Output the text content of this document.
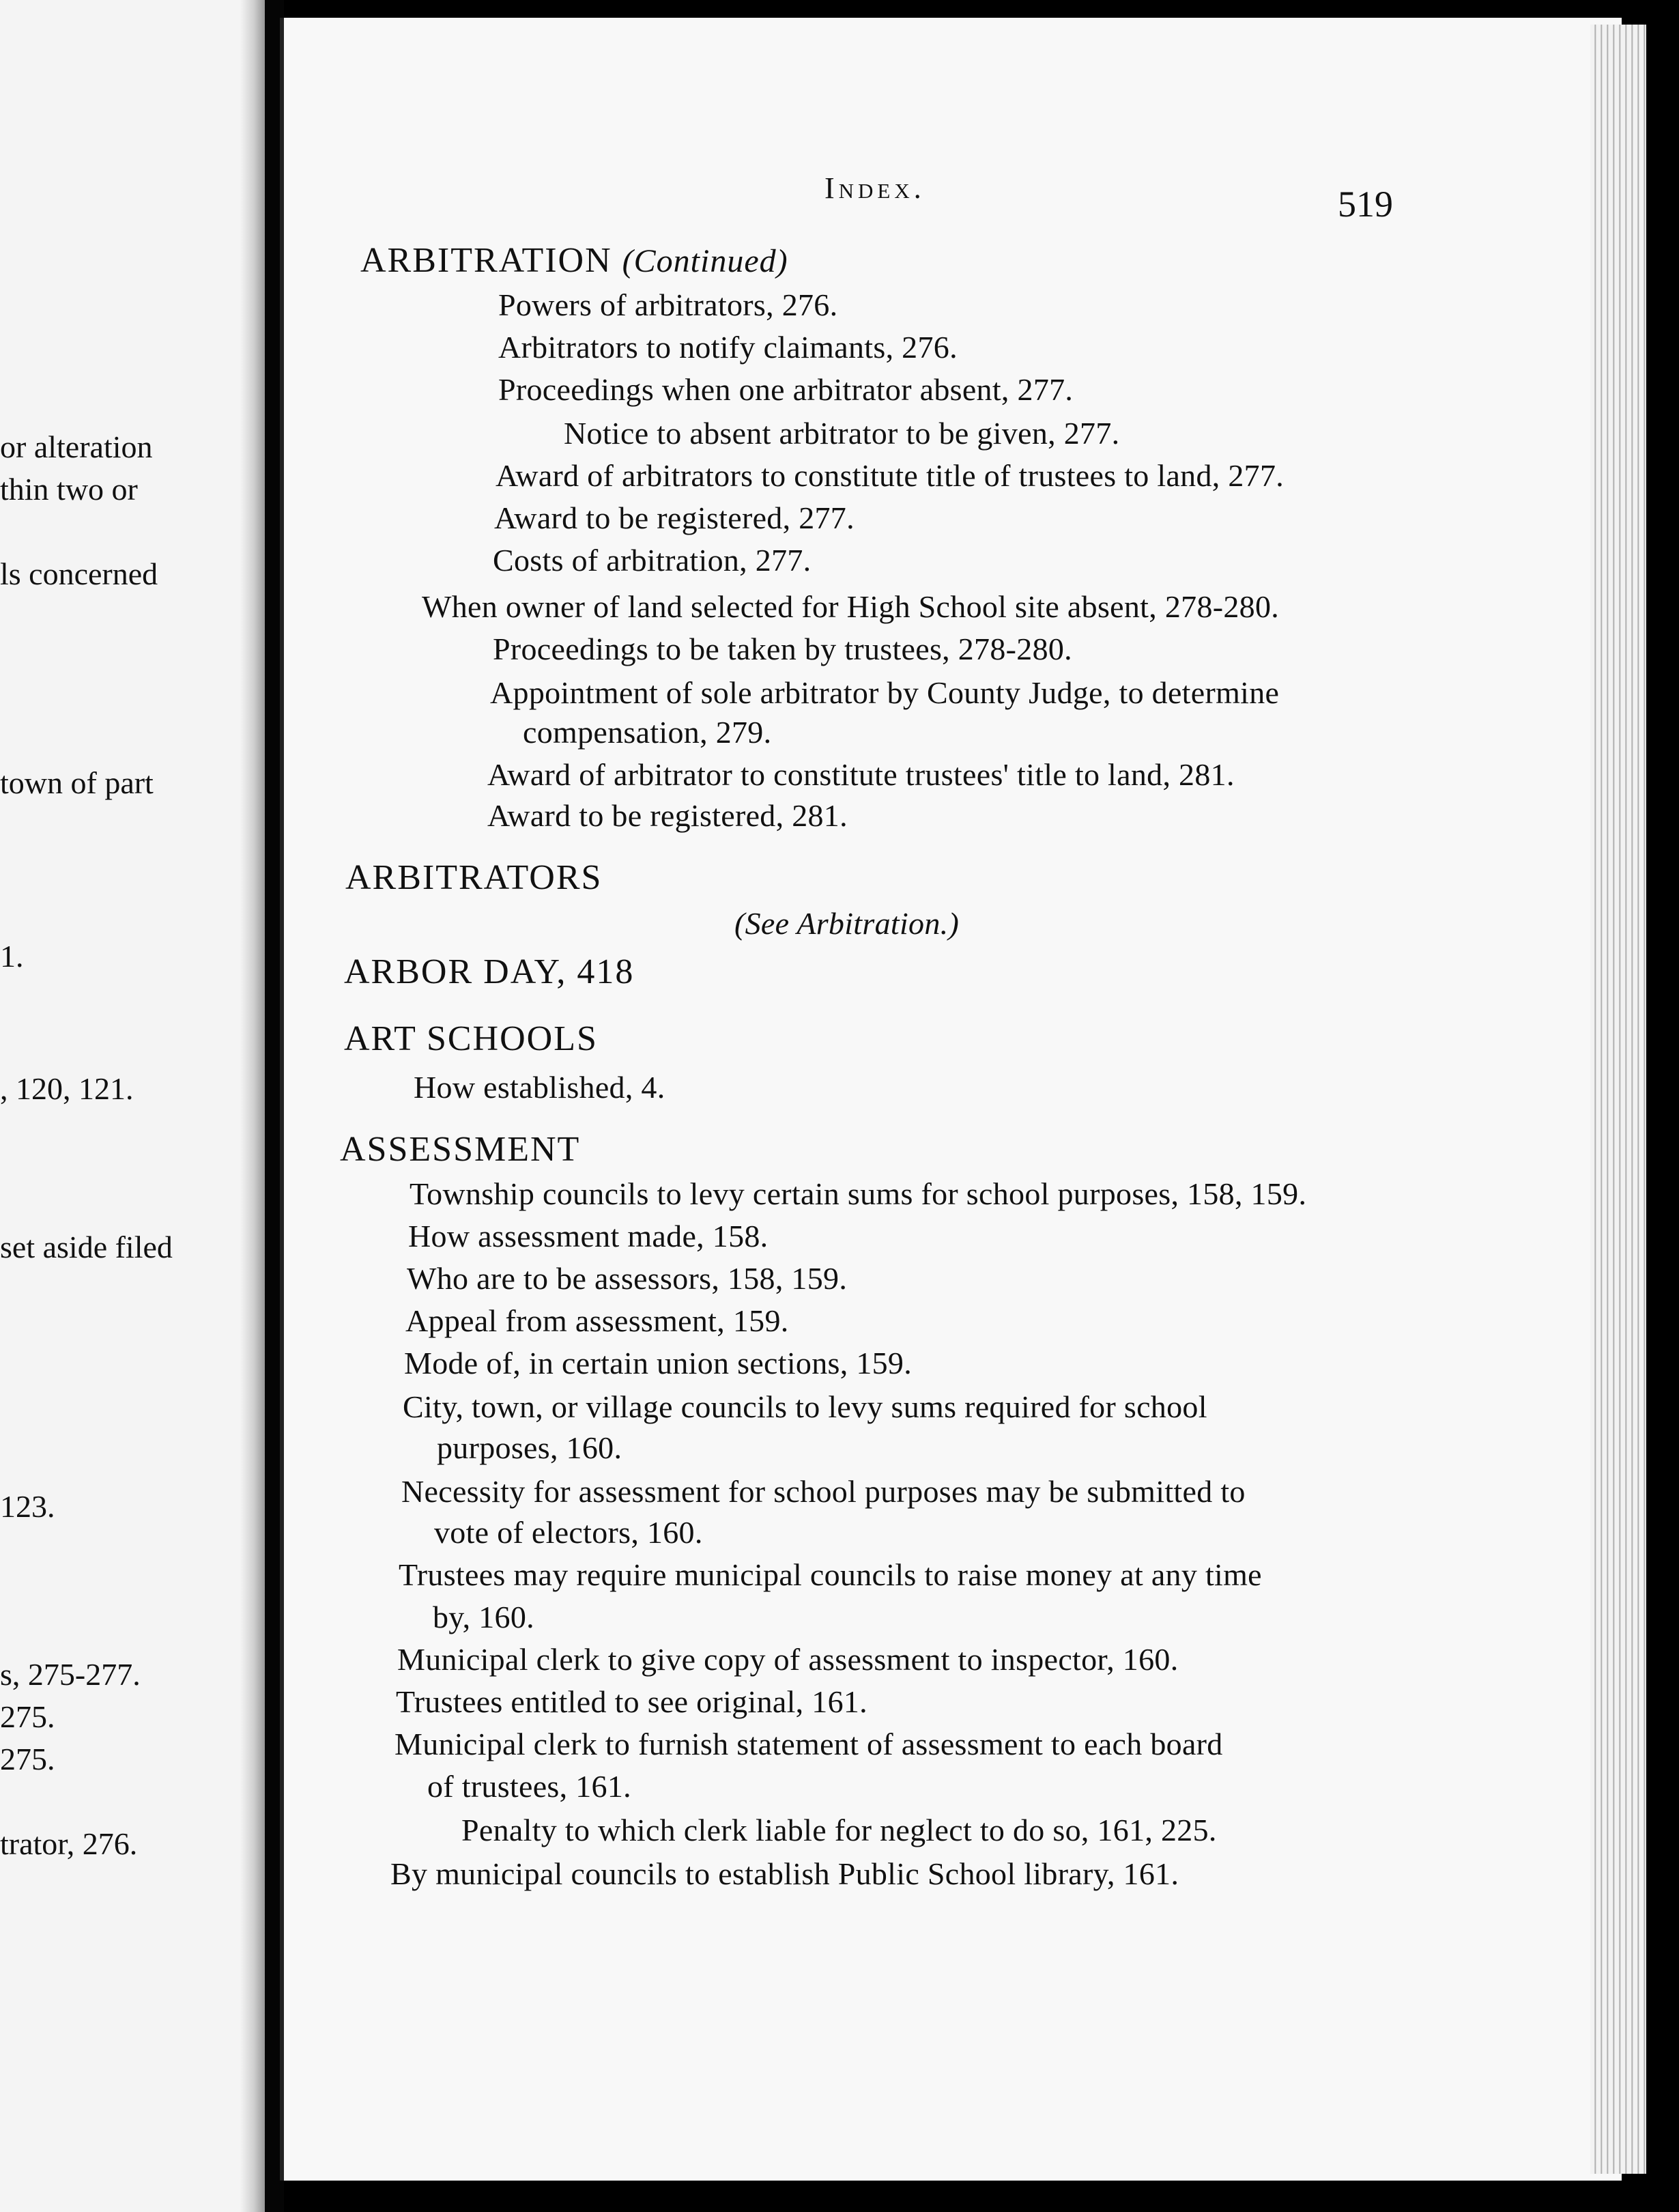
or alteration
thin two or
ls concerned
town of part
1.
, 120, 121.
set aside filed
123.
s, 275-277.
275.
275.
trator, 276.
Index.	519
ARBITRATION (Continued)
Powers of arbitrators, 276.
Arbitrators to notify claimants, 276.
Proceedings when one arbitrator absent, 277.
Notice to absent arbitrator to be given, 277.
Award of arbitrators to constitute title of trustees to land, 277.
Award to be registered, 277.
Costs of arbitration, 277.
When owner of land selected for High School site absent, 278-280.
Proceedings to be taken by trustees, 278-280.
Appointment of sole arbitrator by County Judge, to determine
compensation, 279.
Award of arbitrator to constitute trustees' title to land, 281.
Award to be registered, 281.
ARBITRATORS
(See Arbitration.)
ARBOR DAY, 418
ART SCHOOLS
How established, 4.
ASSESSMENT
Township councils to levy certain sums for school purposes, 158, 159.
How assessment made, 158.
Who are to be assessors, 158, 159.
Appeal from assessment, 159.
Mode of, in certain union sections, 159.
City, town, or village councils to levy sums required for school
purposes, 160.
Necessity for assessment for school purposes may be submitted to
vote of electors, 160.
Trustees may require municipal councils to raise money at any time
by, 160.
Municipal clerk to give copy of assessment to inspector, 160.
Trustees entitled to see original, 161.
Municipal clerk to furnish statement of assessment to each board
of trustees, 161.
Penalty to which clerk liable for neglect to do so, 161, 225.
By municipal councils to establish Public School library, 161.
